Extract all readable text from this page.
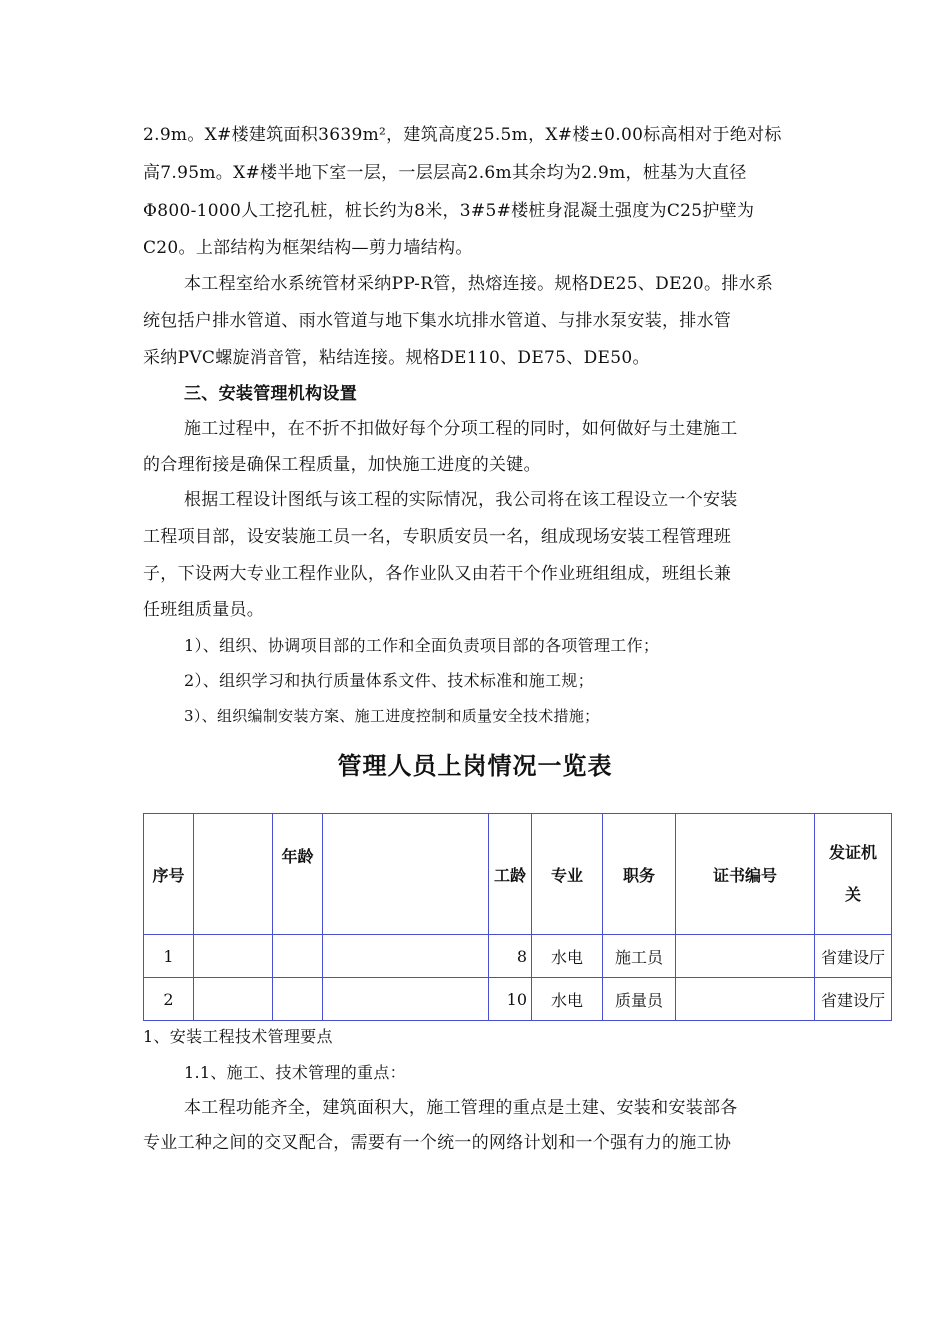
2.9m。X#楼建筑面积3639m²，建筑高度25.5m，X#楼±0.00标高相对于绝对标
高7.95m。X#楼半地下室一层，一层层高2.6m其余均为2.9m，桩基为大直径
Φ800-1000人工挖孔桩，桩长约为8米，3#5#楼桩身混凝土强度为C25护壁为
C20。上部结构为框架结构—剪力墙结构。
本工程室给水系统管材采纳PP-R管，热熔连接。规格DE25、DE20。排水系
统包括户排水管道、雨水管道与地下集水坑排水管道、与排水泵安装，排水管
采纳PVC螺旋消音管，粘结连接。规格DE110、DE75、DE50。
三、安装管理机构设置
施工过程中，在不折不扣做好每个分项工程的同时，如何做好与土建施工
的合理衔接是确保工程质量，加快施工进度的关键。
根据工程设计图纸与该工程的实际情况，我公司将在该工程设立一个安装
工程项目部，设安装施工员一名，专职质安员一名，组成现场安装工程管理班
子，下设两大专业工程作业队，各作业队又由若干个作业班组组成，班组长兼
任班组质量员。
1）、组织、协调项目部的工作和全面负责项目部的各项管理工作；
2）、组织学习和执行质量体系文件、技术标准和施工规；
3）、组织编制安装方案、施工进度控制和质量安全技术措施；
管理人员上岗情况一览表
序号		年龄		工龄	专业	职务	证书编号	发证机
关

1				8	水电	施工员		省建设厅
2				10	水电	质量员		省建设厅
1、安装工程技术管理要点
1.1、施工、技术管理的重点：
本工程功能齐全，建筑面积大，施工管理的重点是土建、安装和安装部各
专业工种之间的交叉配合，需要有一个统一的网络计划和一个强有力的施工协
